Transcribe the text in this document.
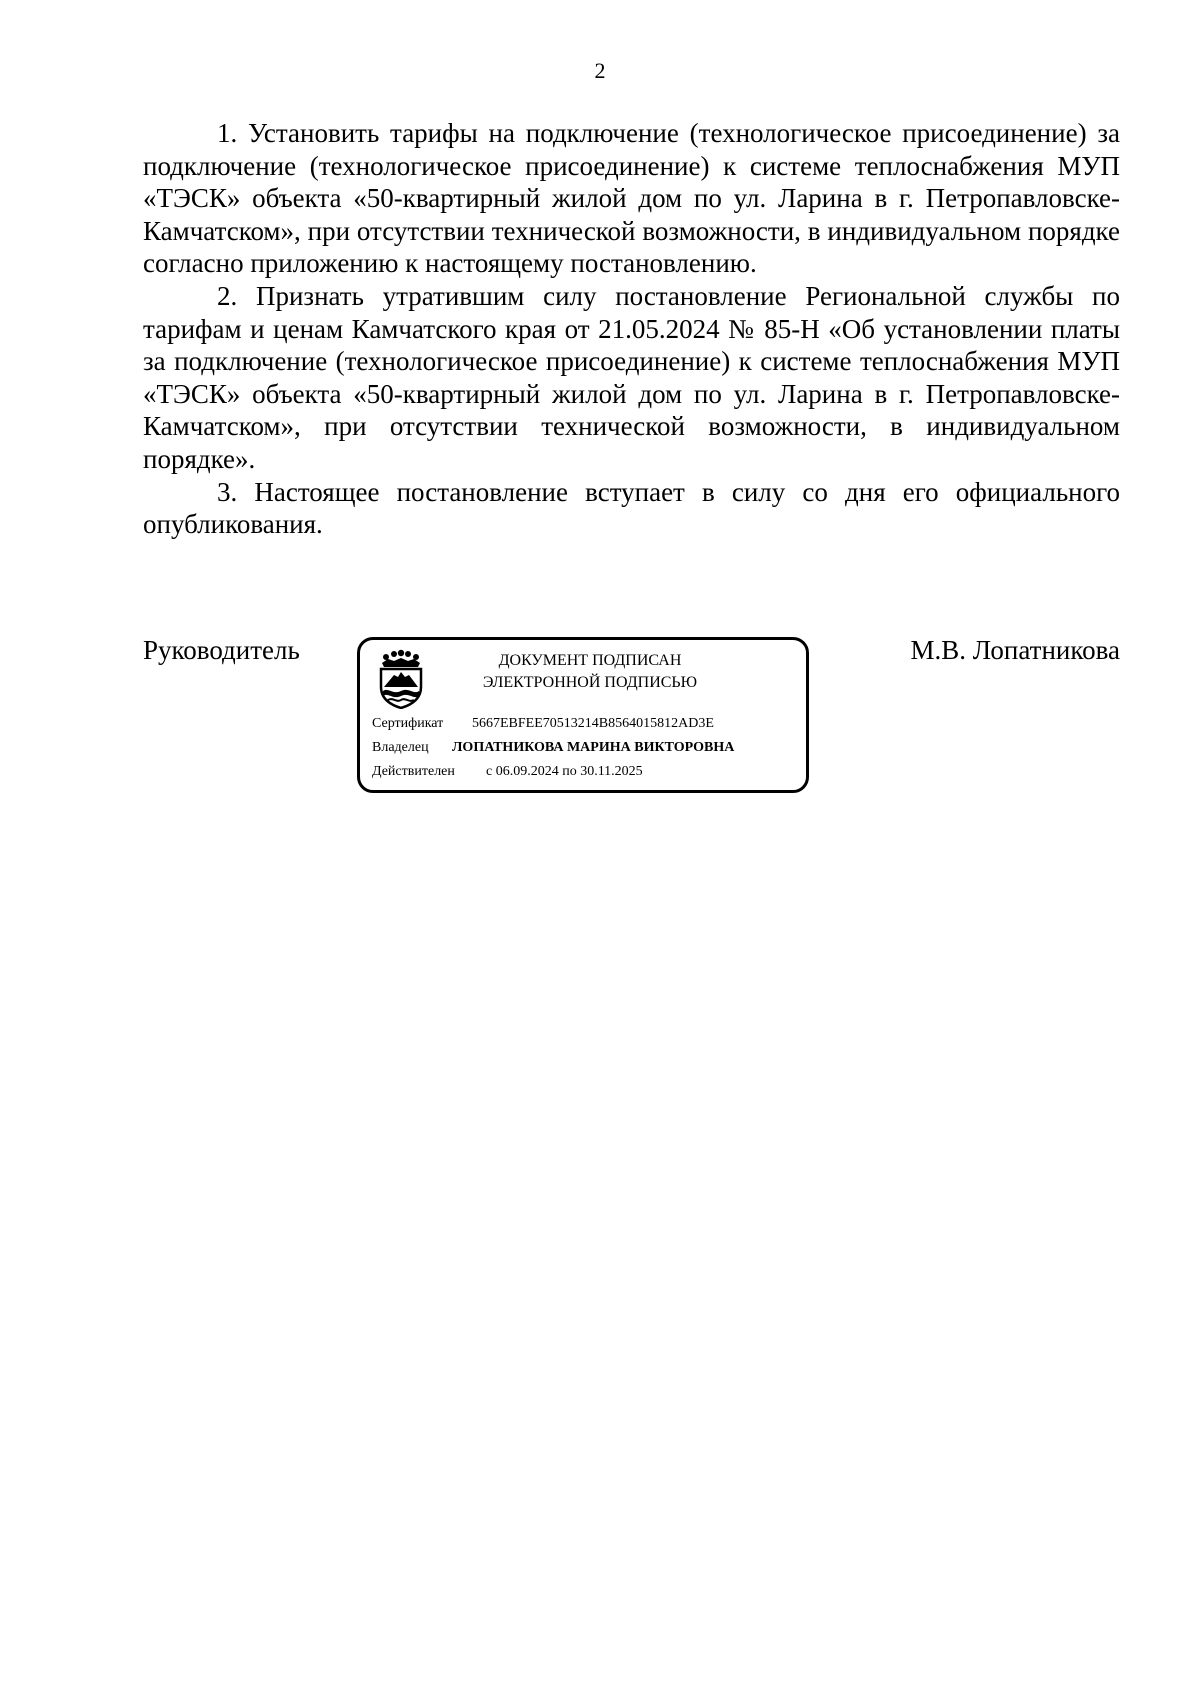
2

1. Установить тарифы на подключение (технологическое присоединение) за подключение (технологическое присоединение) к системе теплоснабжения МУП «ТЭСК» объекта «50-квартирный жилой дом по ул. Ларина в г. Петропавловске-Камчатском», при отсутствии технической возможности, в индивидуальном порядке согласно приложению к настоящему постановлению.

2. Признать утратившим силу постановление Региональной службы по тарифам и ценам Камчатского края от 21.05.2024 № 85-Н «Об установлении платы за подключение (технологическое присоединение) к системе теплоснабжения МУП «ТЭСК» объекта «50-квартирный жилой дом по ул. Ларина в г. Петропавловске-Камчатском», при отсутствии технической возможности, в индивидуальном порядке».

3. Настоящее постановление вступает в силу со дня его официального опубликования.

Руководитель	ДОКУМЕНТ ПОДПИСАН
ЭЛЕКТРОННОЙ ПОДПИСЬЮ
Сертификат 5667EBFEE70513214B8564015812AD3E
Владелец ЛОПАТНИКОВА МАРИНА ВИКТОРОВНА
Действителен с 06.09.2024 по 30.11.2025
М.В. Лопатникова
